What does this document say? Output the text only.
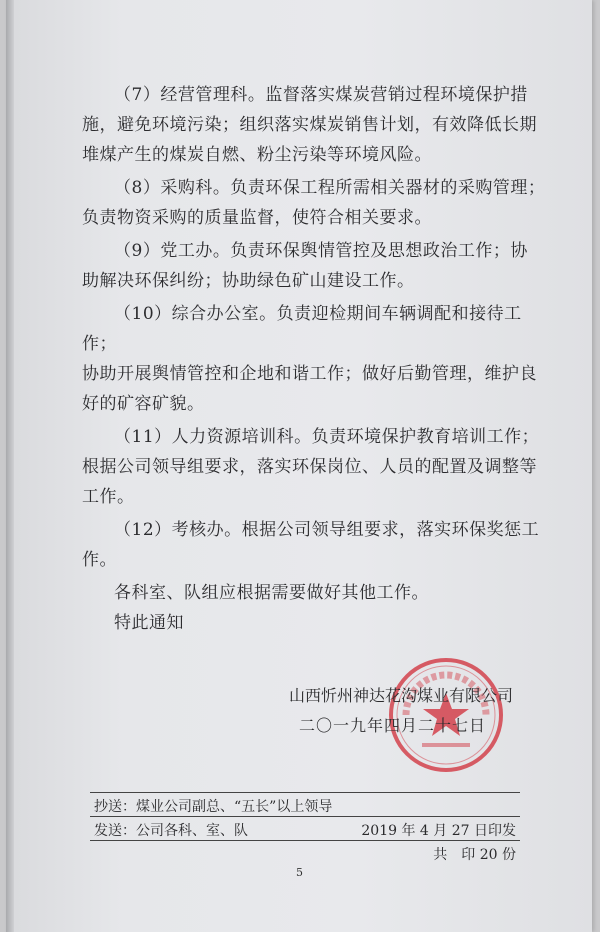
（7）经营管理科。监督落实煤炭营销过程环境保护措
施，避免环境污染；组织落实煤炭销售计划，有效降低长期
堆煤产生的煤炭自燃、粉尘污染等环境风险。
（8）采购科。负责环保工程所需相关器材的采购管理；
负责物资采购的质量监督，使符合相关要求。
（9）党工办。负责环保舆情管控及思想政治工作；协
助解决环保纠纷；协助绿色矿山建设工作。
（10）综合办公室。负责迎检期间车辆调配和接待工作；
协助开展舆情管控和企地和谐工作；做好后勤管理，维护良
好的矿容矿貌。
（11）人力资源培训科。负责环境保护教育培训工作；
根据公司领导组要求，落实环保岗位、人员的配置及调整等
工作。
（12）考核办。根据公司领导组要求，落实环保奖惩工
作。
各科室、队组应根据需要做好其他工作。
特此通知
山西忻州神达花沟煤业有限公司
二〇一九年四月二十七日
抄送：煤业公司副总、“五长”以上领导
发送：公司各科、室、队	2019 年 4 月 27 日印发
共　印 20 份
5
